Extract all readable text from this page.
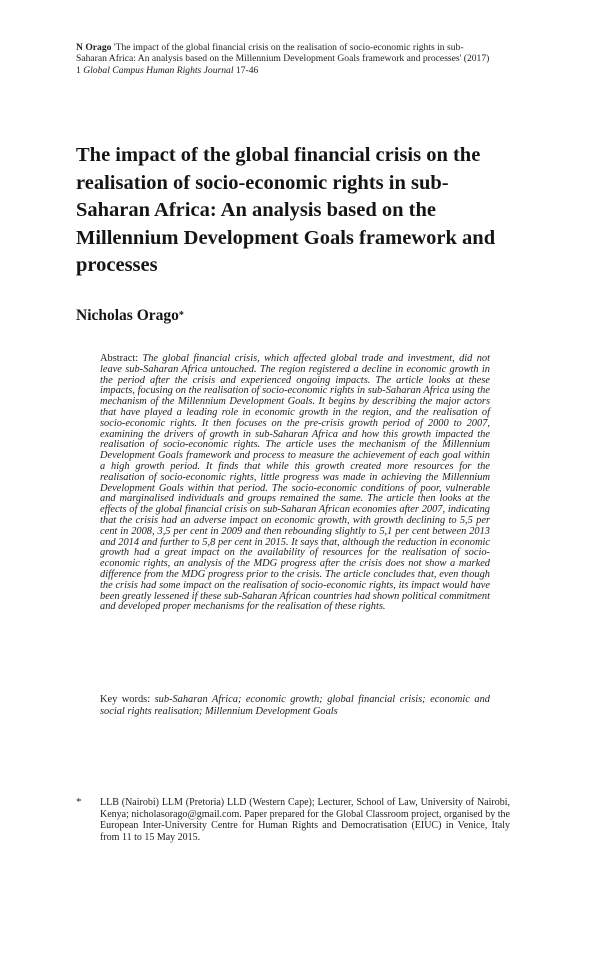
N Orago 'The impact of the global financial crisis on the realisation of socio-economic rights in sub-
Saharan Africa: An analysis based on the Millennium Development Goals framework and processes' (2017)
1 Global Campus Human Rights Journal 17-46
The impact of the global financial crisis on the realisation of socio-economic rights in sub-Saharan Africa: An analysis based on the Millennium Development Goals framework and processes

Nicholas Orago*

Abstract: The global financial crisis, which affected global trade and investment, did not leave sub-Saharan Africa untouched. The region registered a decline in economic growth in the period after the crisis and experienced ongoing impacts. The article looks at these impacts, focusing on the realisation of socio-economic rights in sub-Saharan Africa using the mechanism of the Millennium Development Goals. It begins by describing the major actors that have played a leading role in economic growth in the region, and the realisation of socio-economic rights. It then focuses on the pre-crisis growth period of 2000 to 2007, examining the drivers of growth in sub-Saharan Africa and how this growth impacted the realisation of socio-economic rights. The article uses the mechanism of the Millennium Development Goals framework and process to measure the achievement of each goal within a high growth period. It finds that while this growth created more resources for the realisation of socio-economic rights, little progress was made in achieving the Millennium Development Goals within that period. The socio-economic conditions of poor, vulnerable and marginalised individuals and groups remained the same. The article then looks at the effects of the global financial crisis on sub-Saharan African economies after 2007, indicating that the crisis had an adverse impact on economic growth, with growth declining to 5,5 per cent in 2008, 3,5 per cent in 2009 and then rebounding slightly to 5,1 per cent between 2013 and 2014 and further to 5,8 per cent in 2015. It says that, although the reduction in economic growth had a great impact on the availability of resources for the realisation of socio-economic rights, an analysis of the MDG progress after the crisis does not show a marked difference from the MDG progress prior to the crisis. The article concludes that, even though the crisis had some impact on the realisation of socio-economic rights, its impact would have been greatly lessened if these sub-Saharan African countries had shown political commitment and developed proper mechanisms for the realisation of these rights.

Key words: sub-Saharan Africa; economic growth; global financial crisis; economic and social rights realisation; Millennium Development Goals

*	LLB (Nairobi) LLM (Pretoria) LLD (Western Cape); Lecturer, School of Law, University of Nairobi, Kenya; nicholasorago@gmail.com. Paper prepared for the Global Classroom project, organised by the European Inter-University Centre for Human Rights and Democratisation (EIUC) in Venice, Italy from 11 to 15 May 2015.
